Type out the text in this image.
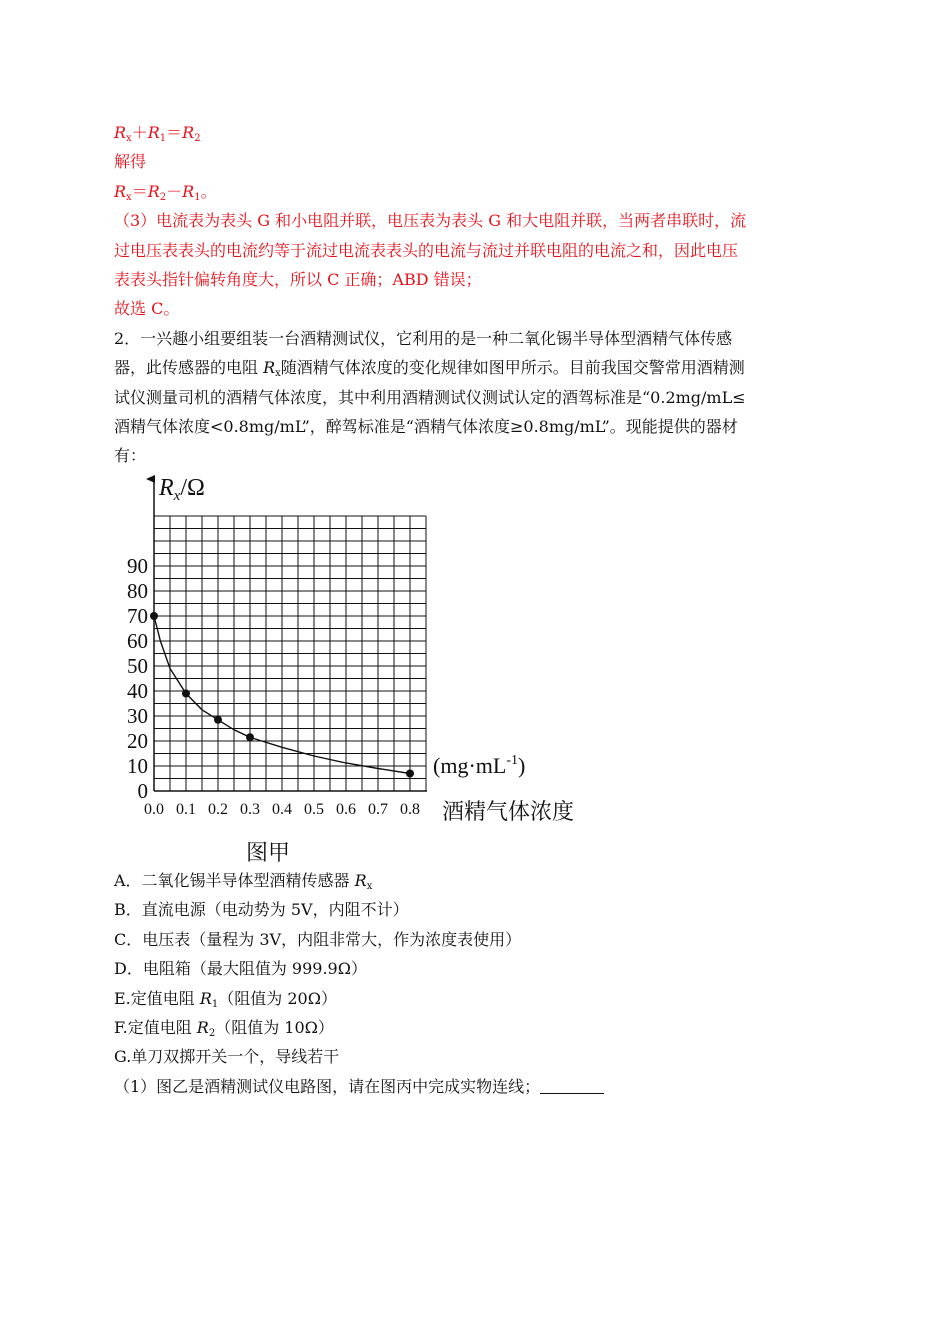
$R_x+R_1=R_2$
解得
$R_x=R_2-R_1$。
（3）电流表为表头 G 和小电阻并联，电压表为表头 G 和大电阻并联，当两者串联时，流
过电压表表头的电流约等于流过电流表表头的电流与流过并联电阻的电流之和，因此电压
表表头指针偏转角度大，所以 C 正确；ABD 错误；
故选 C。
2．一兴趣小组要组装一台酒精测试仪，它利用的是一种二氧化锡半导体型酒精气体传感
器，此传感器的电阻 $R_x$随酒精气体浓度的变化规律如图甲所示。目前我国交警常用酒精测
试仪测量司机的酒精气体浓度，其中利用酒精测试仪测试认定的酒驾标准是“0.2mg/mL≤
酒精气体浓度<0.8mg/mL”，醉驾标准是“酒精气体浓度≥0.8mg/mL”。现能提供的器材
有：
0
10
20
30
40
50
60
70
80
90
0.0 0.1 0.2 0.3 0.4 0.5 0.6 0.7 0.8
$R_x/\Omega$
$(mg\cdot mL^{-1})$
酒精气体浓度
图甲
A．二氧化锡半导体型酒精传感器 $R_x$
B．直流电源（电动势为 5V，内阻不计）
C．电压表（量程为 3V，内阻非常大，作为浓度表使用）
D．电阻箱（最大阻值为 999.9Ω）
E.定值电阻 $R_1$（阻值为 20Ω）
F.定值电阻 $R_2$（阻值为 10Ω）
G.单刀双掷开关一个，导线若干
（1）图乙是酒精测试仪电路图，请在图丙中完成实物连线；
